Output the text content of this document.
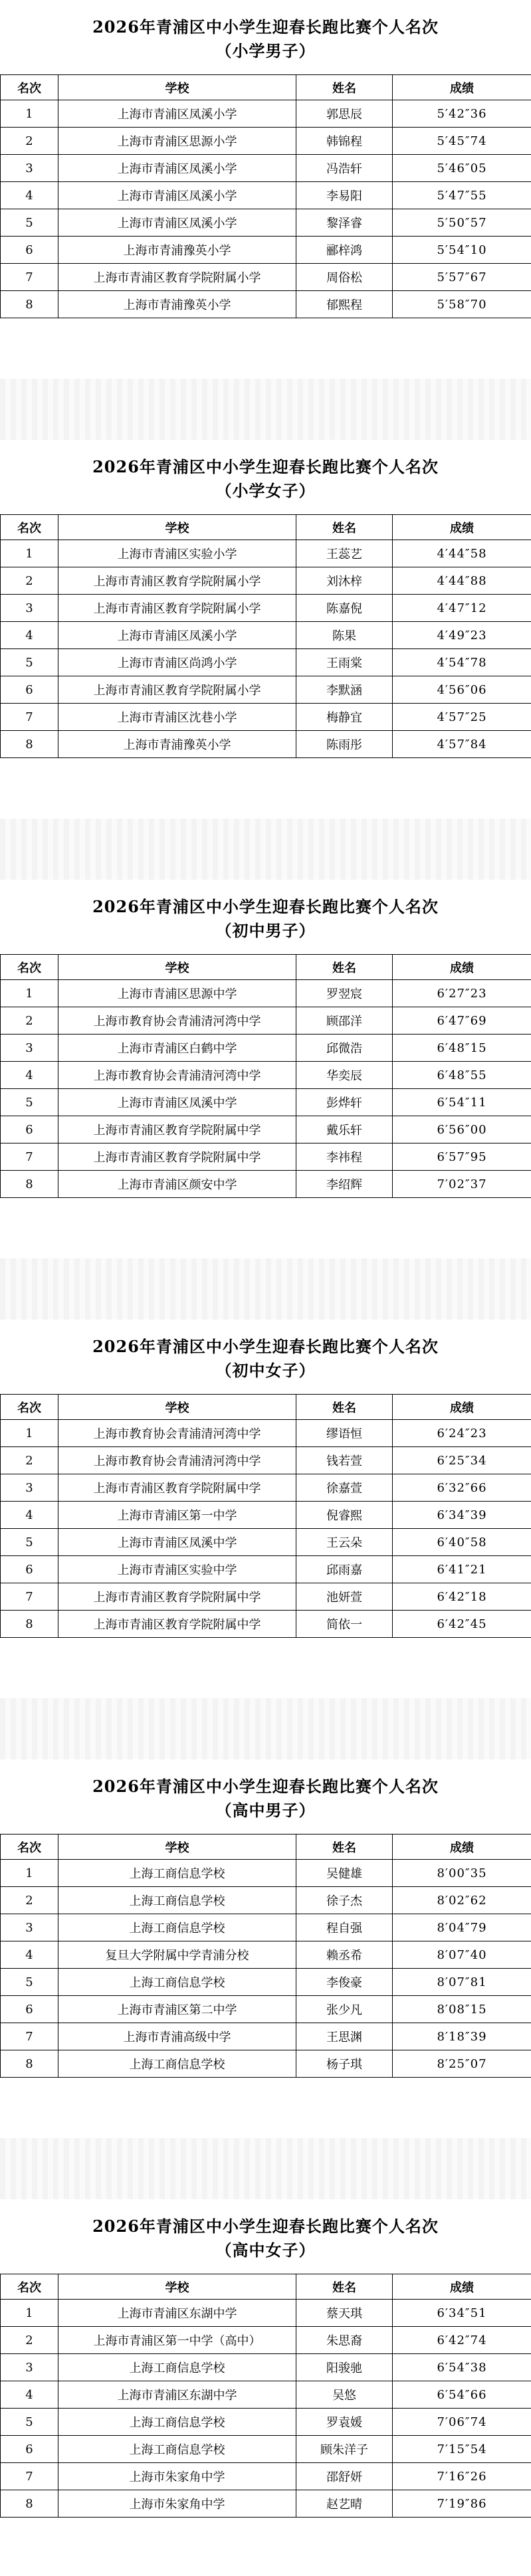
2026年青浦区中小学生迎春长跑比赛个人名次
（小学男子）
名次	学校	姓名	成绩
1	上海市青浦区凤溪小学	郭思辰	5′42″36
2	上海市青浦区思源小学	韩锦程	5′45″74
3	上海市青浦区凤溪小学	冯浩轩	5′46″05
4	上海市青浦区凤溪小学	李易阳	5′47″55
5	上海市青浦区凤溪小学	黎泽睿	5′50″57
6	上海市青浦豫英小学	郦梓鸿	5′54″10
7	上海市青浦区教育学院附属小学	周俗松	5′57″67
8	上海市青浦豫英小学	郁熙程	5′58″70
2026年青浦区中小学生迎春长跑比赛个人名次
（小学女子）
名次	学校	姓名	成绩
1	上海市青浦区实验小学	王蕊艺	4′44″58
2	上海市青浦区教育学院附属小学	刘沐梓	4′44″88
3	上海市青浦区教育学院附属小学	陈嘉倪	4′47″12
4	上海市青浦区凤溪小学	陈果	4′49″23
5	上海市青浦区尚鸿小学	王雨棠	4′54″78
6	上海市青浦区教育学院附属小学	李默涵	4′56″06
7	上海市青浦区沈巷小学	梅静宜	4′57″25
8	上海市青浦豫英小学	陈雨彤	4′57″84
2026年青浦区中小学生迎春长跑比赛个人名次
（初中男子）
名次	学校	姓名	成绩
1	上海市青浦区思源中学	罗翌宸	6′27″23
2	上海市教育协会青浦清河湾中学	顾邵洋	6′47″69
3	上海市青浦区白鹤中学	邱微浩	6′48″15
4	上海市教育协会青浦清河湾中学	华奕辰	6′48″55
5	上海市青浦区凤溪中学	彭烨轩	6′54″11
6	上海市青浦区教育学院附属中学	戴乐轩	6′56″00
7	上海市青浦区教育学院附属中学	李祎程	6′57″95
8	上海市青浦区颜安中学	李绍辉	7′02″37
2026年青浦区中小学生迎春长跑比赛个人名次
（初中女子）
名次	学校	姓名	成绩
1	上海市教育协会青浦清河湾中学	缪语恒	6′24″23
2	上海市教育协会青浦清河湾中学	钱若萱	6′25″34
3	上海市青浦区教育学院附属中学	徐嘉萱	6′32″66
4	上海市青浦区第一中学	倪睿熙	6′34″39
5	上海市青浦区凤溪中学	王云朵	6′40″58
6	上海市青浦区实验中学	邱雨嘉	6′41″21
7	上海市青浦区教育学院附属中学	池妍萱	6′42″18
8	上海市青浦区教育学院附属中学	简依一	6′42″45
2026年青浦区中小学生迎春长跑比赛个人名次
（高中男子）
名次	学校	姓名	成绩
1	上海工商信息学校	吴健雄	8′00″35
2	上海工商信息学校	徐子杰	8′02″62
3	上海工商信息学校	程自强	8′04″79
4	复旦大学附属中学青浦分校	赖丞希	8′07″40
5	上海工商信息学校	李俊豪	8′07″81
6	上海市青浦区第二中学	张少凡	8′08″15
7	上海市青浦高级中学	王思渊	8′18″39
8	上海工商信息学校	杨子琪	8′25″07
2026年青浦区中小学生迎春长跑比赛个人名次
（高中女子）
名次	学校	姓名	成绩
1	上海市青浦区东湖中学	蔡天琪	6′34″51
2	上海市青浦区第一中学（高中）	朱思裔	6′42″74
3	上海工商信息学校	阳骏驰	6′54″38
4	上海市青浦区东湖中学	吴悠	6′54″66
5	上海工商信息学校	罗袁媛	7′06″74
6	上海工商信息学校	顾朱洋子	7′15″54
7	上海市朱家角中学	邵舒妍	7′16″26
8	上海市朱家角中学	赵艺晴	7′19″86
